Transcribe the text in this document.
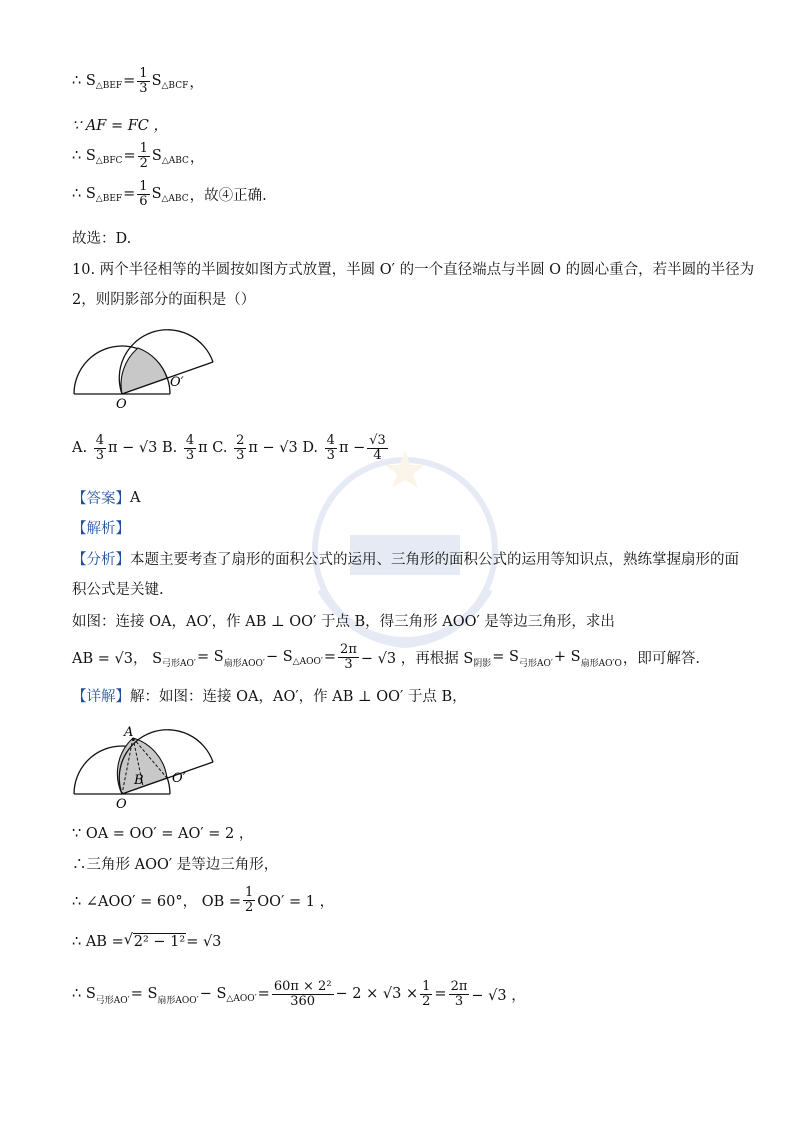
∴ S △BEF = $\frac{1}{3}$ S △BCF ，
∵ AF = FC ，
∴ S △BFC = $\frac{1}{2}$ S △ABC ，
∴ S △BEF = $\frac{1}{6}$ S △ABC ，故④正确.
故选：D.
10. 两个半径相等的半圆按如图方式放置，半圆 O′ 的一个直径端点与半圆 O 的圆心重合，若半圆的半径为
2，则阴影部分的面积是（）
O
O′
A.
$\frac{4}{3}$ π − √3
B.
$\frac{4}{3}$ π
C.
$\frac{2}{3}$ π − √3
D.
$\frac{4}{3}$ $\pi - \frac{√3}{4}$
【答案】 A
【解析】
【分析】 本题主要考查了扇形的面积公式的运用、三角形的面积公式的运用等知识点，熟练掌握扇形的面
积公式是关键.
如图：连接 OA，AO′，作 AB ⊥ OO′ 于点 B，得三角形 AOO′ 是等边三角形，求出
AB = √3， S 弓形AO′ = S 扇形AOO′ − S △AOO′ = $\frac{2\pi}{3} - √3$ ，再根据 S 阴影 = S 弓形AO′ + S 扇形AO′O ，即可解答.
【详解】 解：如图：连接 OA，AO′，作 AB ⊥ OO′ 于点 B，
A
B
O
O′
∵ OA = OO′ = AO′ = 2 ，
∴三角形 AOO′ 是等边三角形，
∴ ∠AOO′ = 60°， OB = $\frac{1}{2} OO' = 1$ ，
∴ AB =
√ 2² − 1² = √3
∴ S 弓形AO′ = S 扇形AOO′ − S △AOO′ = $\frac{\text{60π × 2²}}{360} - 2 \times √3 \times \frac{1}{2} = \frac{2\pi}{3} - √3$ ，
